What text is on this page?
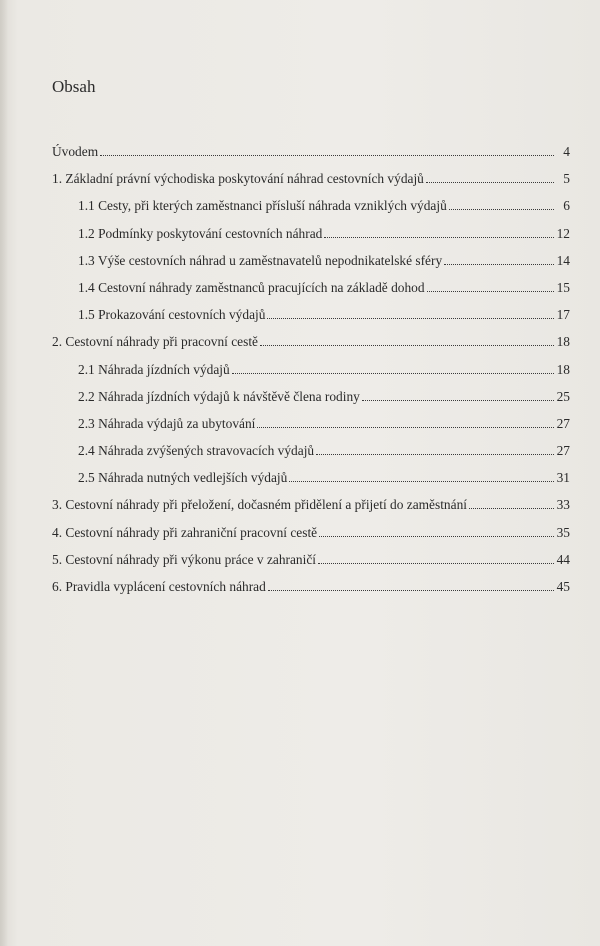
Obsah
Úvodem	4
1. Základní právní východiska poskytování náhrad cestovních výdajů	5
1.1 Cesty, při kterých zaměstnanci přísluší náhrada vzniklých výdajů	6
1.2 Podmínky poskytování cestovních náhrad	12
1.3 Výše cestovních náhrad u zaměstnavatelů nepodnikatelské sféry	14
1.4 Cestovní náhrady zaměstnanců pracujících na základě dohod	15
1.5 Prokazování cestovních výdajů	17
2. Cestovní náhrady při pracovní cestě	18
2.1 Náhrada jízdních výdajů	18
2.2 Náhrada jízdních výdajů k návštěvě člena rodiny	25
2.3 Náhrada výdajů za ubytování	27
2.4 Náhrada zvýšených stravovacích výdajů	27
2.5 Náhrada nutných vedlejších výdajů	31
3. Cestovní náhrady při přeložení, dočasném přidělení a přijetí do zaměstnání	33
4. Cestovní náhrady při zahraniční pracovní cestě	35
5. Cestovní náhrady při výkonu práce v zahraničí	44
6. Pravidla vyplácení cestovních náhrad	45
